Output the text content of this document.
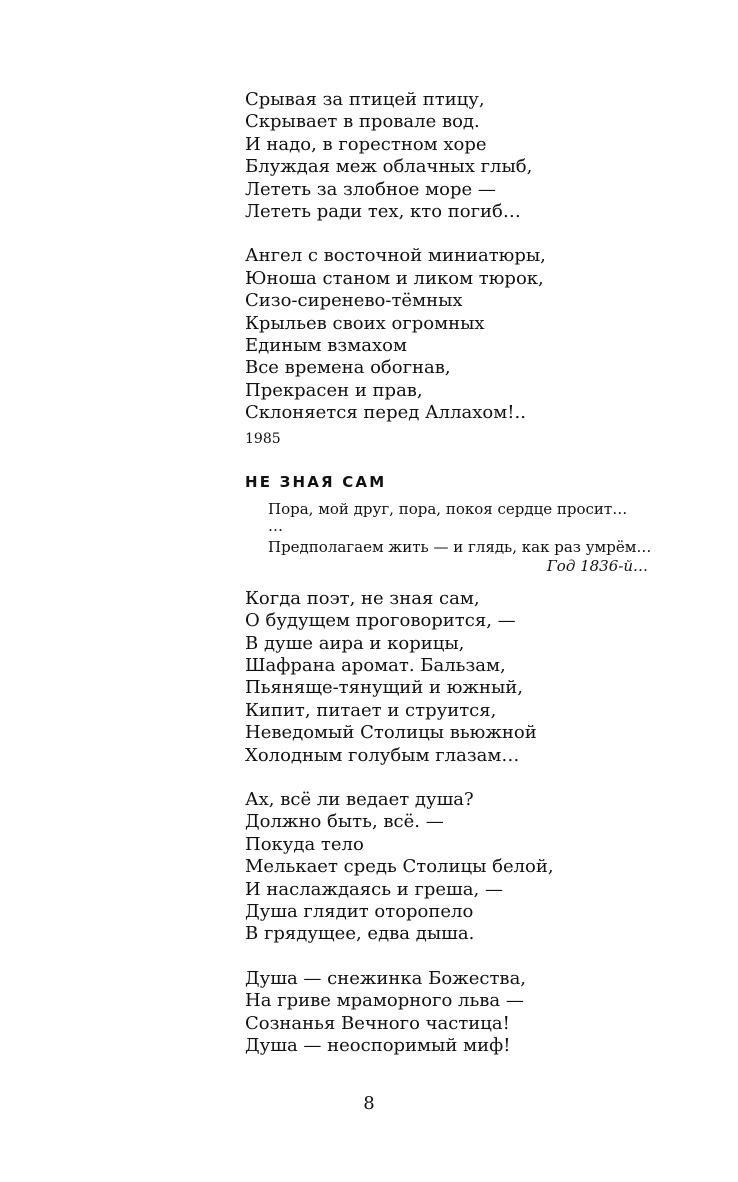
Срывая за птицей птицу,
Скрывает в провале вод.
И надо, в горестном хоре
Блуждая меж облачных глыб,
Лететь за злобное море —
Лететь ради тех, кто погиб…
Ангел с восточной миниатюры,
Юноша станом и ликом тюрок,
Сизо-сиренево-тёмных
Крыльев своих огромных
Единым взмахом
Все времена обогнав,
Прекрасен и прав,
Склоняется перед Аллахом!..
1985
НЕ ЗНАЯ САМ
Пора, мой друг, пора, покоя сердце просит…
…
Предполагаем жить — и глядь, как раз умрём…
Год 1836-й…
Когда поэт, не зная сам,
О будущем проговорится, —
В душе аира и корицы,
Шафрана аромат. Бальзам,
Пьяняще-тянущий и южный,
Кипит, питает и струится,
Неведомый Столицы вьюжной
Холодным голубым глазам…
Ах, всё ли ведает душа?
Должно быть, всё. —
Покуда тело
Мелькает средь Столицы белой,
И наслаждаясь и греша, —
Душа глядит оторопело
В грядущее, едва дыша.
Душа — снежинка Божества,
На гриве мраморного льва —
Сознанья Вечного частица!
Душа — неоспоримый миф!
8
